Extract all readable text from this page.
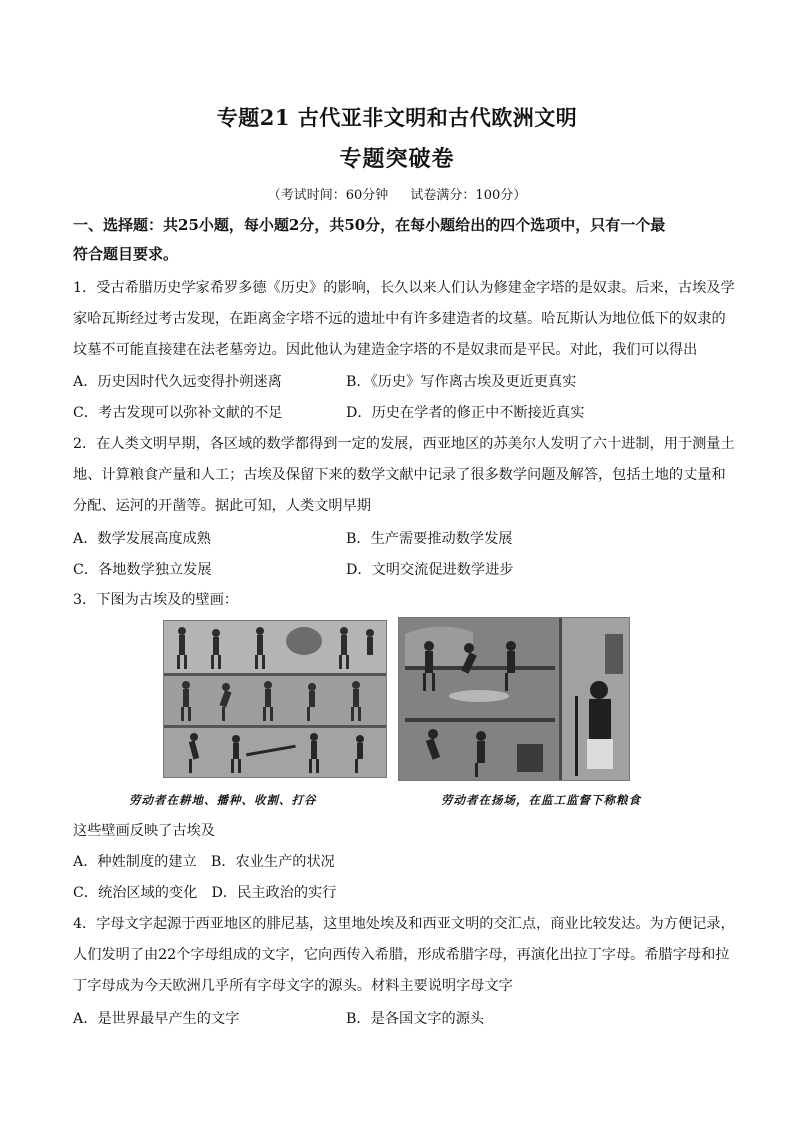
专题21 古代亚非文明和古代欧洲文明
专题突破卷
（考试时间：60分钟 试卷满分：100分）
一、选择题：共25小题，每小题2分，共50分，在每小题给出的四个选项中，只有一个最
符合题目要求。
1．受古希腊历史学家希罗多德《历史》的影响，长久以来人们认为修建金字塔的是奴隶。后来，古埃及学
家哈瓦斯经过考古发现，在距离金字塔不远的遗址中有许多建造者的坟墓。哈瓦斯认为地位低下的奴隶的
坟墓不可能直接建在法老墓旁边。因此他认为建造金字塔的不是奴隶而是平民。对此，我们可以得出
A．历史因时代久远变得扑朔迷离	B．《历史》写作离古埃及更近更真实
C．考古发现可以弥补文献的不足	D．历史在学者的修正中不断接近真实
2．在人类文明早期，各区域的数学都得到一定的发展，西亚地区的苏美尔人发明了六十进制，用于测量土
地、计算粮食产量和人工；古埃及保留下来的数学文献中记录了很多数学问题及解答，包括土地的丈量和
分配、运河的开凿等。据此可知，人类文明早期
A．数学发展高度成熟	B．生产需要推动数学发展
C．各地数学独立发展	D．文明交流促进数学进步
3．下图为古埃及的壁画：
劳动者在耕地、播种、收割、打谷	劳动者在扬场，在监工监督下称粮食
这些壁画反映了古埃及
A．种姓制度的建立　B．农业生产的状况
C．统治区域的变化　D．民主政治的实行
4．字母文字起源于西亚地区的腓尼基，这里地处埃及和西亚文明的交汇点，商业比较发达。为方便记录，
人们发明了由22个字母组成的文字，它向西传入希腊，形成希腊字母，再演化出拉丁字母。希腊字母和拉
丁字母成为今天欧洲几乎所有字母文字的源头。材料主要说明字母文字
A．是世界最早产生的文字	B．是各国文字的源头
